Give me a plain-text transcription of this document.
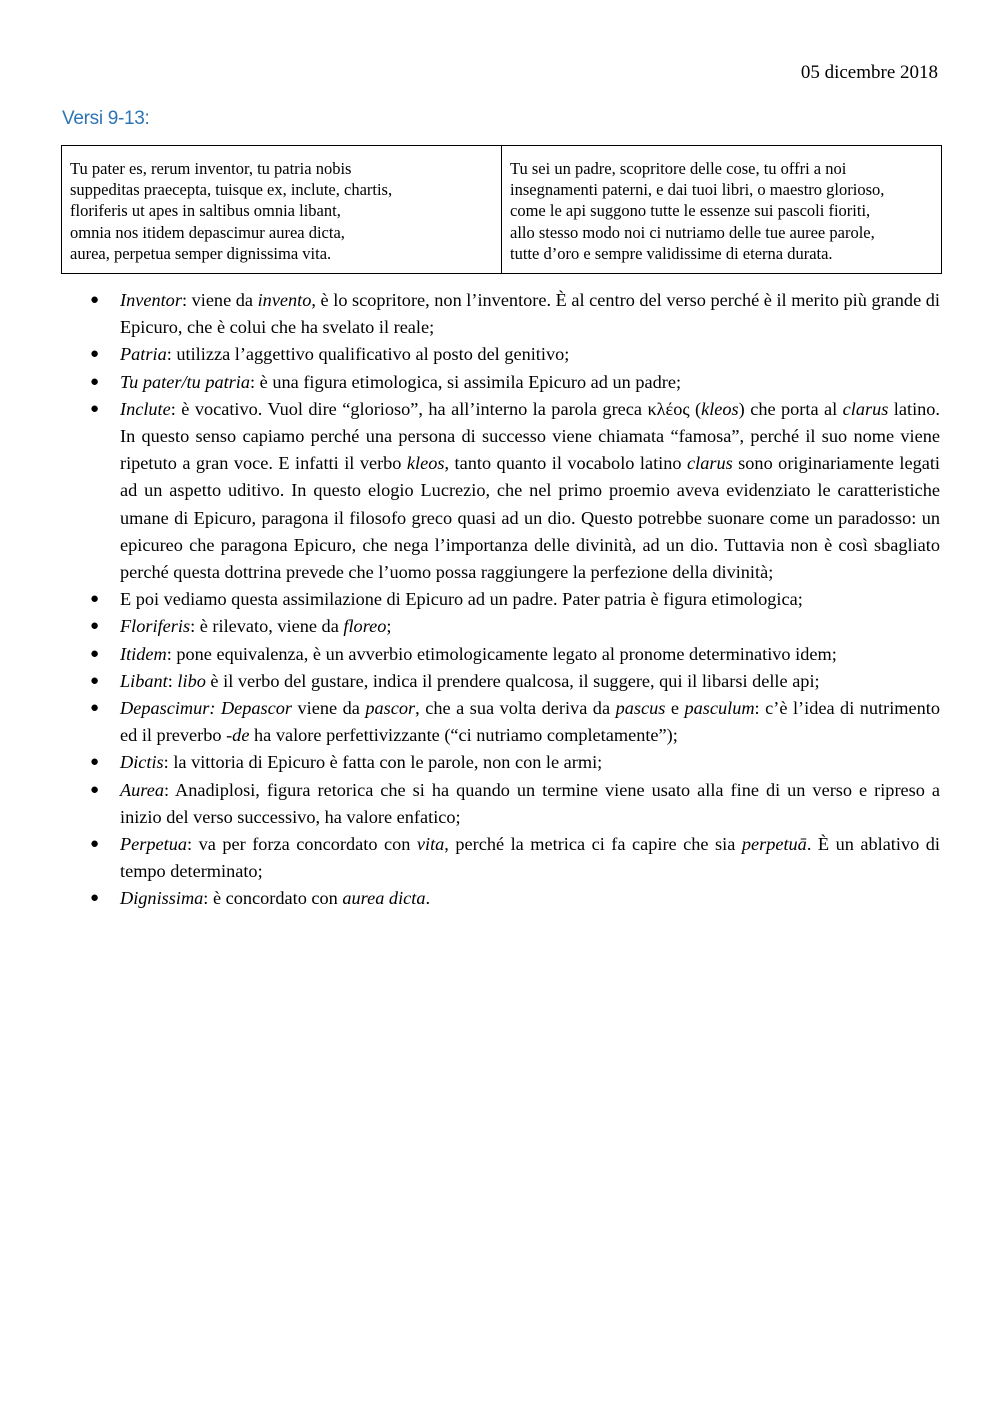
05 dicembre 2018
Versi 9-13:
Tu pater es, rerum inventor, tu patria nobis
suppeditas praecepta, tuisque ex, inclute, chartis,
floriferis ut apes in saltibus omnia libant,
omnia nos itidem depascimur aurea dicta,
aurea, perpetua semper dignissima vita.

Tu sei un padre, scopritore delle cose, tu offri a noi
insegnamenti paterni, e dai tuoi libri, o maestro glorioso,
come le api suggono tutte le essenze sui pascoli fioriti,
allo stesso modo noi ci nutriamo delle tue auree parole,
tutte d’oro e sempre validissime di eterna durata.
● Inventor: viene da invento, è lo scopritore, non l’inventore. È al centro del verso perché è il merito più grande di Epicuro, che è colui che ha svelato il reale;
● Patria: utilizza l’aggettivo qualificativo al posto del genitivo;
● Tu pater/tu patria: è una figura etimologica, si assimila Epicuro ad un padre;
● Inclute: è vocativo. Vuol dire “glorioso”, ha all’interno la parola greca κλέος (kleos) che porta al clarus latino. In questo senso capiamo perché una persona di successo viene chiamata “famosa”, perché il suo nome viene ripetuto a gran voce. E infatti il verbo kleos, tanto quanto il vocabolo latino clarus sono originariamente legati ad un aspetto uditivo. In questo elogio Lucrezio, che nel primo proemio aveva evidenziato le caratteristiche umane di Epicuro, paragona il filosofo greco quasi ad un dio. Questo potrebbe suonare come un paradosso: un epicureo che paragona Epicuro, che nega l’importanza delle divinità, ad un dio. Tuttavia non è così sbagliato perché questa dottrina prevede che l’uomo possa raggiungere la perfezione della divinità;
● E poi vediamo questa assimilazione di Epicuro ad un padre. Pater patria è figura etimologica;
● Floriferis: è rilevato, viene da floreo;
● Itidem: pone equivalenza, è un avverbio etimologicamente legato al pronome determinativo idem;
● Libant: libo è il verbo del gustare, indica il prendere qualcosa, il suggere, qui il libarsi delle api;
● Depascimur: Depascor viene da pascor, che a sua volta deriva da pascus e pasculum: c’è l’idea di nutrimento ed il preverbo -de ha valore perfettivizzante (“ci nutriamo completamente”);
● Dictis: la vittoria di Epicuro è fatta con le parole, non con le armi;
● Aurea: Anadiplosi, figura retorica che si ha quando un termine viene usato alla fine di un verso e ripreso a inizio del verso successivo, ha valore enfatico;
● Perpetua: va per forza concordato con vita, perché la metrica ci fa capire che sia perpetuā. È un ablativo di tempo determinato;
● Dignissima: è concordato con aurea dicta.
